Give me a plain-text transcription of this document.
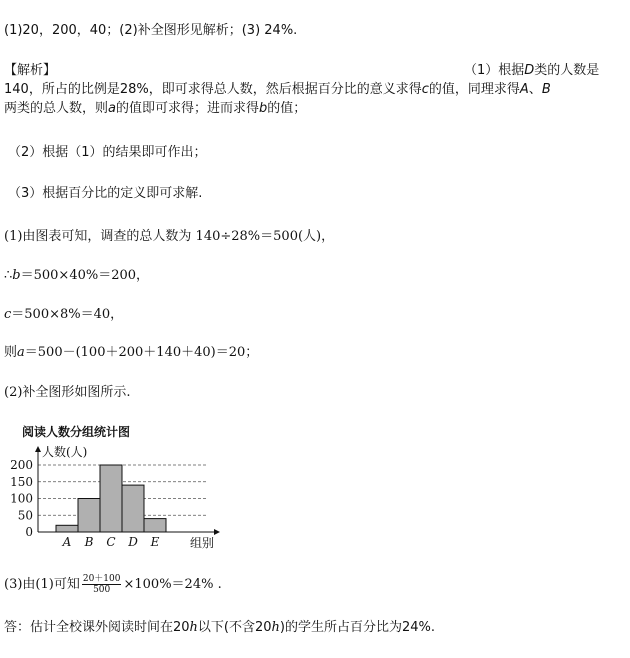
(1)20，200，40；(2)补全图形见解析；(3) 24%.
【解析】	（1）根据D类的人数是
140，所占的比例是28%，即可求得总人数，然后根据百分比的意义求得c的值，同理求得A、B
两类的总人数，则a的值即可求得；进而求得b的值；
（2）根据（1）的结果即可作出；
（3）根据百分比的定义即可求解.
(1)由图表可知，调查的总人数为 140÷28%＝500(人)，
∴b＝500×40%＝200，
c＝500×8%＝40，
则a＝500－(100＋200＋140＋40)＝20；
(2)补全图形如图所示.
阅读人数分组统计图
人数(人)
组别
0
50
100
150
200
A B C D E
(3)由(1)可知 $\frac{20+100}{500} \times 100\%=24\%$ .
答：估计全校课外阅读时间在20h以下(不含20h)的学生所占百分比为24%.
